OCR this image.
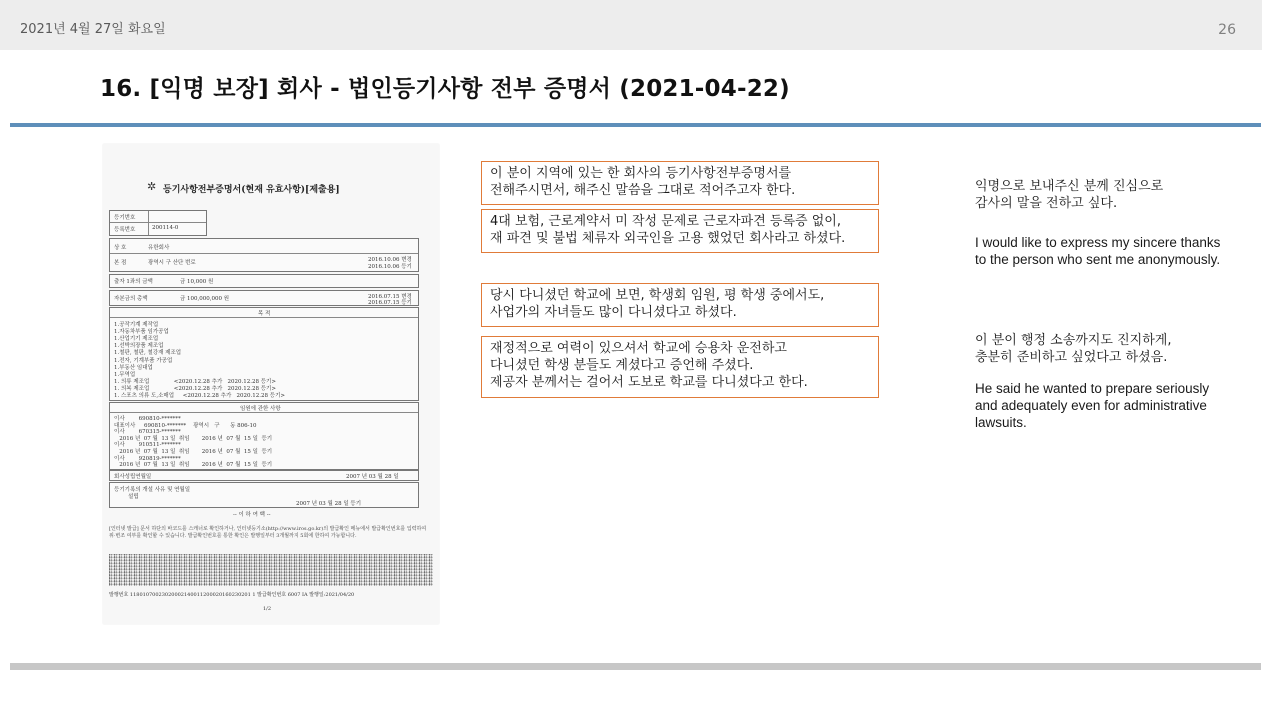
2021년 4월 27일 화요일	26
16. [익명 보장] 회사 - 법인등기사항 전부 증명서 (2021-04-22)
✲ 등기사항전부증명서(현재 유효사항)[제출용]
등기번호
등록번호	200114-0
상 호	유한회사
본 점	광역시 구 산단 번로	2016.10.06 변경
2016.10.06 등기
출자 1좌의 금액	금 10,000 원
자본금의 총액	금 100,000,000 원	2016.07.15 변경
2016.07.15 등기
목 적
1.공작기계 제작업
1.자동차부품 임가공업
1.산업기기 제조업
1.선박의장품 제조업
1.철판, 철판, 철강재 제조업
1.전자, 기계부품 가공업
1.부동산 임대업
1.무역업
1. 의류 제조업              <2020.12.28 추가   2020.12.28 등기>
1. 의복 제조업              <2020.12.28 추가   2020.12.28 등기>
1. 스포츠 의류 도,소매업     <2020.12.28 추가   2020.12.28 등기>
임원에 관한 사항
이사        690810-*******
대표이사     690810-*******    광역시   구      동 806-10
이사        670315-*******
2016 년  07 월  13 일  취임       2016 년  07 월  15 일  등기
이사        910511-*******
2016 년  07 월  13 일  취임       2016 년  07 월  15 일  등기
이사        920819-*******
2016 년  07 월  13 일  취임       2016 년  07 월  15 일  등기
회사성립연월일	2007 년 03 월 28 일
등기기록의 개설 사유 및 연월일
설립
2007 년 03 월 28 일 등기
-- 이 하 여 백 --
[인터넷 발급] 문서 하단의 바코드를 스캐너로 확인하거나, 인터넷등기소(http://www.iros.go.kr)의 발급확인 메뉴에서 발급확인번호를 입력하여 위·변조 여부를 확인할 수 있습니다. 발급확인번호를 통한 확인은 발행일부터 3개월까지 5회에 한하여 가능합니다.
발행번호 11801070023020002140011200020160230201 1 발급확인번호 6007 IA 발행일:2021/04/20
1/2

이 분이 지역에 있는 한 회사의 등기사항전부증명서를

전해주시면서, 해주신 말씀을 그대로 적어주고자 한다.

4대 보험, 근로계약서 미 작성 문제로 근로자파견 등록증 없이,

재 파견 및 불법 체류자 외국인을 고용 했었던 회사라고 하셨다.

당시 다니셨던 학교에 보면, 학생회 임원, 평 학생 중에서도,

사업가의 자녀들도 많이 다니셨다고 하셨다.

재정적으로 여력이 있으셔서 학교에 승용차 운전하고

다니셨던 학생 분들도 계셨다고 증언해 주셨다.

제공자 분께서는 걸어서 도보로 학교를 다니셨다고 한다.

익명으로 보내주신 분께 진심으로

감사의 말을 전하고 싶다.

I would like to express my sincere thanks to the person who sent me anonymously.

이 분이 행정 소송까지도 진지하게,

충분히 준비하고 싶었다고 하셨음.

He said he wanted to prepare seriously and adequately even for administrative lawsuits.
